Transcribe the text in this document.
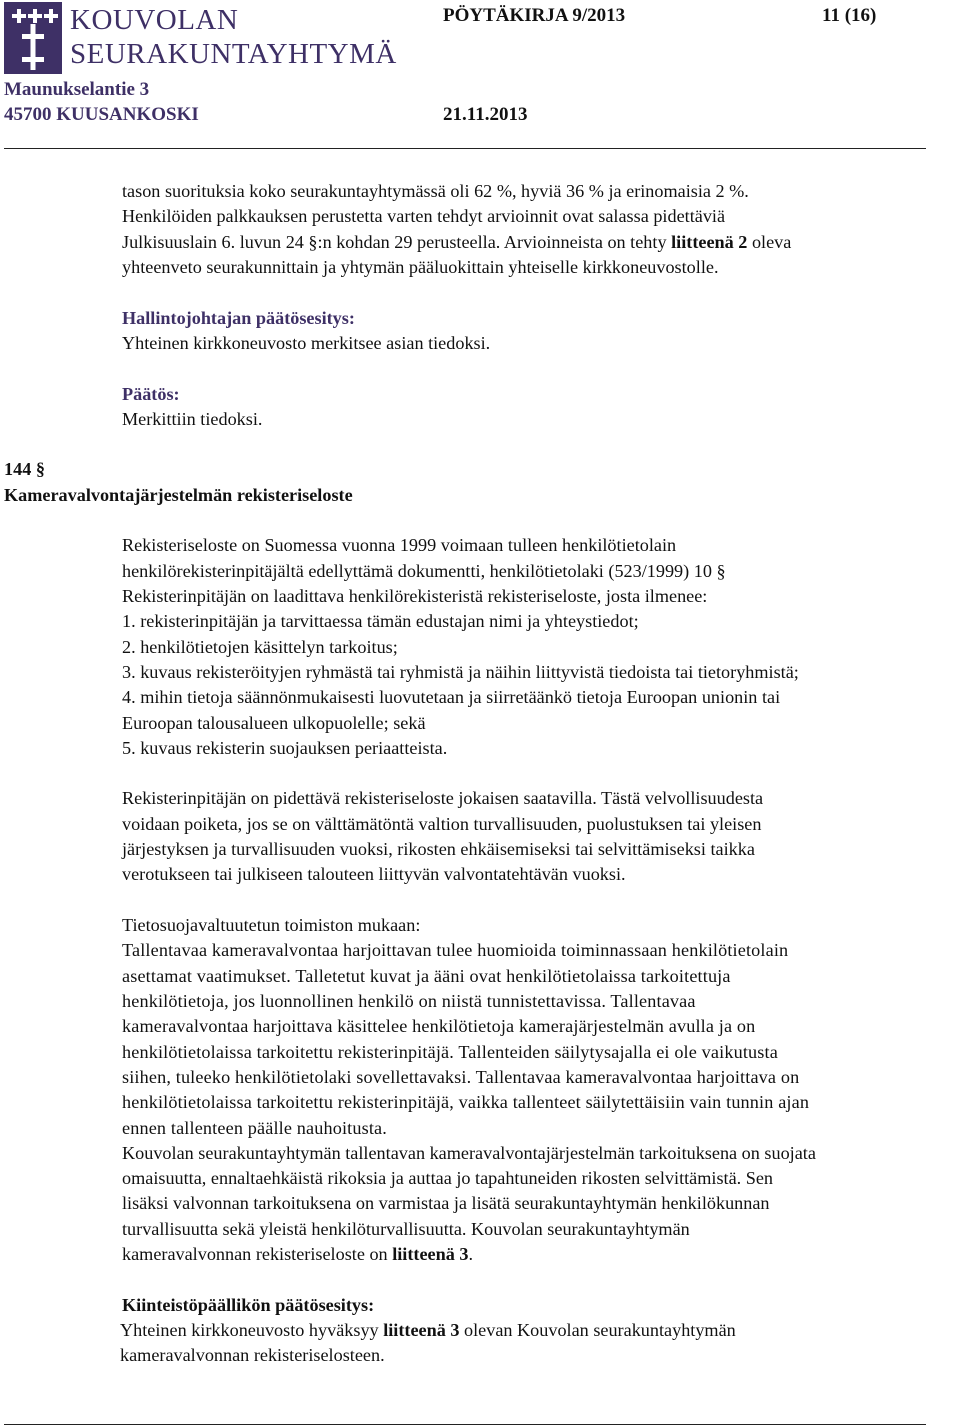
KOUVOLAN
SEURAKUNTAYHTYMÄ
PÖYTÄKIRJA 9/2013	11 (16)
Maunukselantie 3
45700 KUUSANKOSKI	21.11.2013
tason suorituksia koko seurakuntayhtymässä oli 62 %, hyviä 36 % ja erinomaisia 2 %.
Henkilöiden palkkauksen perustetta varten tehdyt arvioinnit ovat salassa pidettäviä
Julkisuuslain 6. luvun 24 §:n kohdan 29 perusteella. Arvioinneista on tehty liitteenä 2 oleva
yhteenveto seurakunnittain ja yhtymän pääluokittain yhteiselle kirkkoneuvostolle.
Hallintojohtajan päätösesitys:
Yhteinen kirkkoneuvosto merkitsee asian tiedoksi.
Päätös:
Merkittiin tiedoksi.
144 §
Kameravalvontajärjestelmän rekisteriseloste
Rekisteriseloste on Suomessa vuonna 1999 voimaan tulleen henkilötietolain
henkilörekisterinpitäjältä edellyttämä dokumentti, henkilötietolaki (523/1999) 10 §
Rekisterinpitäjän on laadittava henkilörekisteristä rekisteriseloste, josta ilmenee:
1. rekisterinpitäjän ja tarvittaessa tämän edustajan nimi ja yhteystiedot;
2. henkilötietojen käsittelyn tarkoitus;
3. kuvaus rekisteröityjen ryhmästä tai ryhmistä ja näihin liittyvistä tiedoista tai tietoryhmistä;
4. mihin tietoja säännönmukaisesti luovutetaan ja siirretäänkö tietoja Euroopan unionin tai
Euroopan talousalueen ulkopuolelle; sekä
5. kuvaus rekisterin suojauksen periaatteista.
Rekisterinpitäjän on pidettävä rekisteriseloste jokaisen saatavilla. Tästä velvollisuudesta
voidaan poiketa, jos se on välttämätöntä valtion turvallisuuden, puolustuksen tai yleisen
järjestyksen ja turvallisuuden vuoksi, rikosten ehkäisemiseksi tai selvittämiseksi taikka
verotukseen tai julkiseen talouteen liittyvän valvontatehtävän vuoksi.
Tietosuojavaltuutetun toimiston mukaan:
Tallentavaa kameravalvontaa harjoittavan tulee huomioida toiminnassaan henkilötietolain
asettamat vaatimukset. Talletetut kuvat ja ääni ovat henkilötietolaissa tarkoitettuja
henkilötietoja, jos luonnollinen henkilö on niistä tunnistettavissa. Tallentavaa
kameravalvontaa harjoittava käsittelee henkilötietoja kamerajärjestelmän avulla ja on
henkilötietolaissa tarkoitettu rekisterinpitäjä. Tallenteiden säilytysajalla ei ole vaikutusta
siihen, tuleeko henkilötietolaki sovellettavaksi. Tallentavaa kameravalvontaa harjoittava on
henkilötietolaissa tarkoitettu rekisterinpitäjä, vaikka tallenteet säilytettäisiin vain tunnin ajan
ennen tallenteen päälle nauhoitusta.
Kouvolan seurakuntayhtymän tallentavan kameravalvontajärjestelmän tarkoituksena on suojata
omaisuutta, ennaltaehkäistä rikoksia ja auttaa jo tapahtuneiden rikosten selvittämistä. Sen
lisäksi valvonnan tarkoituksena on varmistaa ja lisätä seurakuntayhtymän henkilökunnan
turvallisuutta sekä yleistä henkilöturvallisuutta. Kouvolan seurakuntayhtymän
kameravalvonnan rekisteriseloste on liitteenä 3.
Kiinteistöpäällikön päätösesitys:
Yhteinen kirkkoneuvosto hyväksyy liitteenä 3 olevan Kouvolan seurakuntayhtymän
kameravalvonnan rekisteriselosteen.
